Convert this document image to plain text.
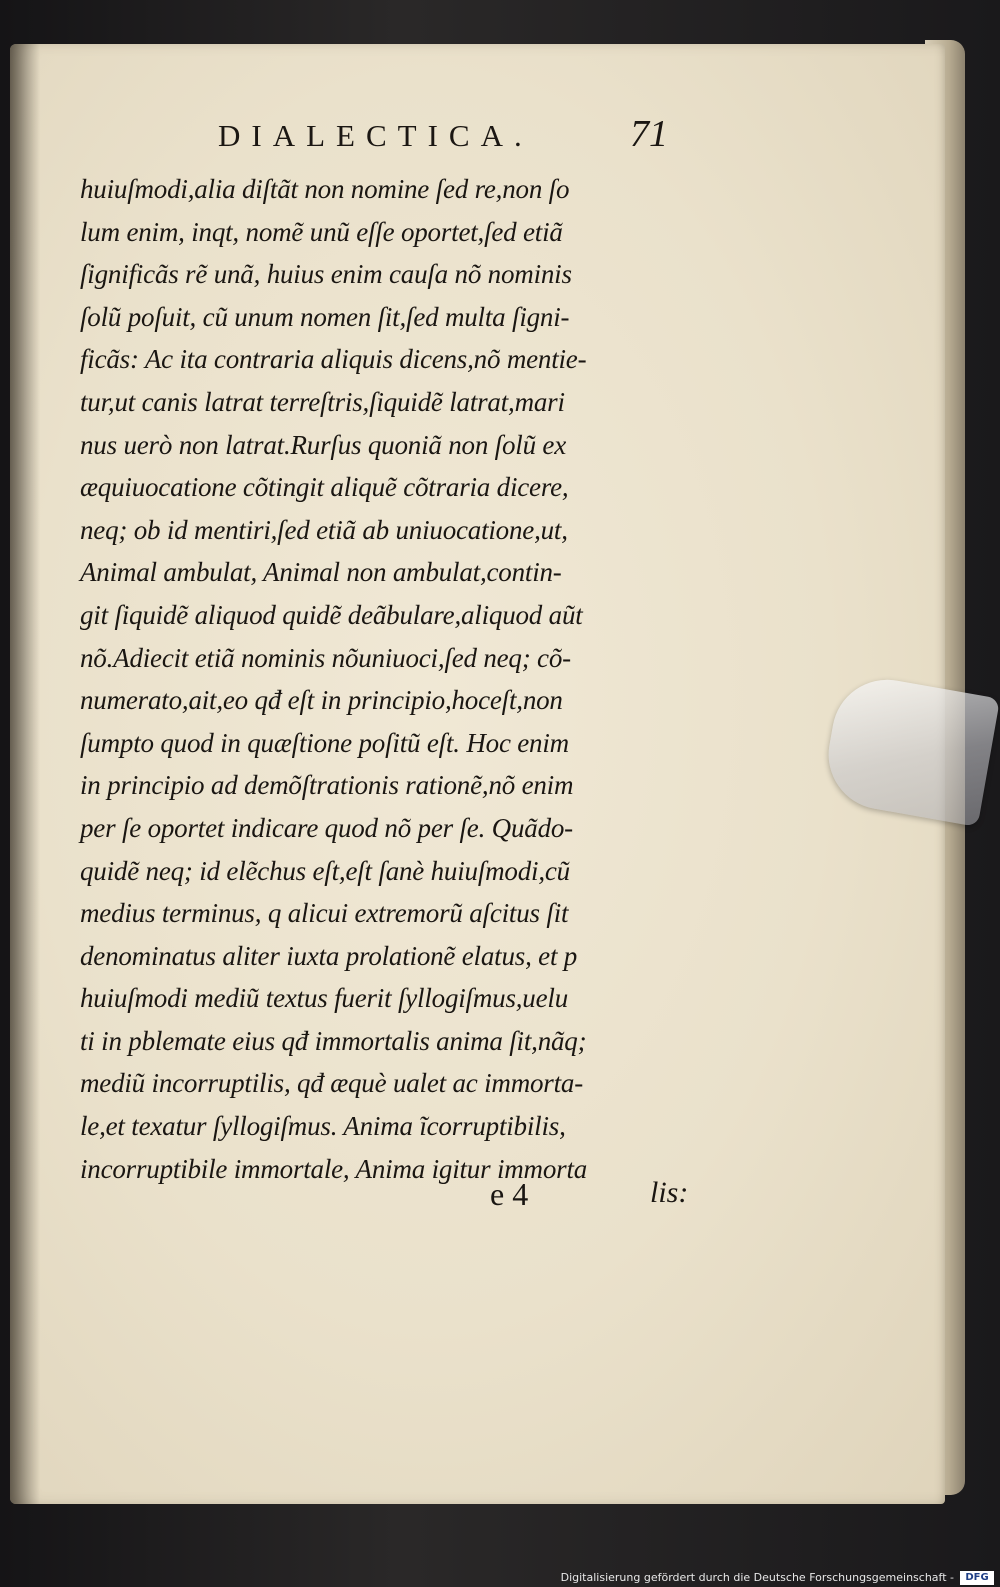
DIALECTICA.	71
huiuſmodi,alia diſtãt non nomine ſed re,non ſo
lum enim, inqt, nomẽ unũ eſſe oportet,ſed etiã
ſignificãs rẽ unã, huius enim cauſa nõ nominis
ſolũ poſuit, cũ unum nomen ſit,ſed multa ſigni-
ficãs: Ac ita contraria aliquis dicens,nõ mentie-
tur,ut canis latrat terreſtris,ſiquidẽ latrat,mari
nus uerò non latrat.Rurſus quoniã non ſolũ ex
æquiuocatione cõtingit aliquẽ cõtraria dicere,
neq; ob id mentiri,ſed etiã ab uniuocatione,ut,
Animal ambulat, Animal non ambulat,contin-
git ſiquidẽ aliquod quidẽ deãbulare,aliquod aũt
nõ.Adiecit etiã nominis nõuniuoci,ſed neq; cõ-
numerato,ait,eo qđ eſt in principio,hoceſt,non
ſumpto quod in quæſtione poſitũ eſt. Hoc enim
in principio ad demõſtrationis rationẽ,nõ enim
per ſe oportet indicare quod nõ per ſe. Quãdo-
quidẽ neq; id elẽchus eſt,eſt ſanè huiuſmodi,cũ
medius terminus, q alicui extremorũ aſcitus ſit
denominatus aliter iuxta prolationẽ elatus, et p
huiuſmodi mediũ textus fuerit ſyllogiſmus,uelu
ti in pblemate eius qđ immortalis anima ſit,nãq;
mediũ incorruptilis, qđ æquè ualet ac immorta-
le,et texatur ſyllogiſmus. Anima ĩcorruptibilis,
incorruptibile immortale, Anima igitur immorta
e 4	lis:
Digitalisierung gefördert durch die Deutsche Forschungsgemeinschaft -	DFG
